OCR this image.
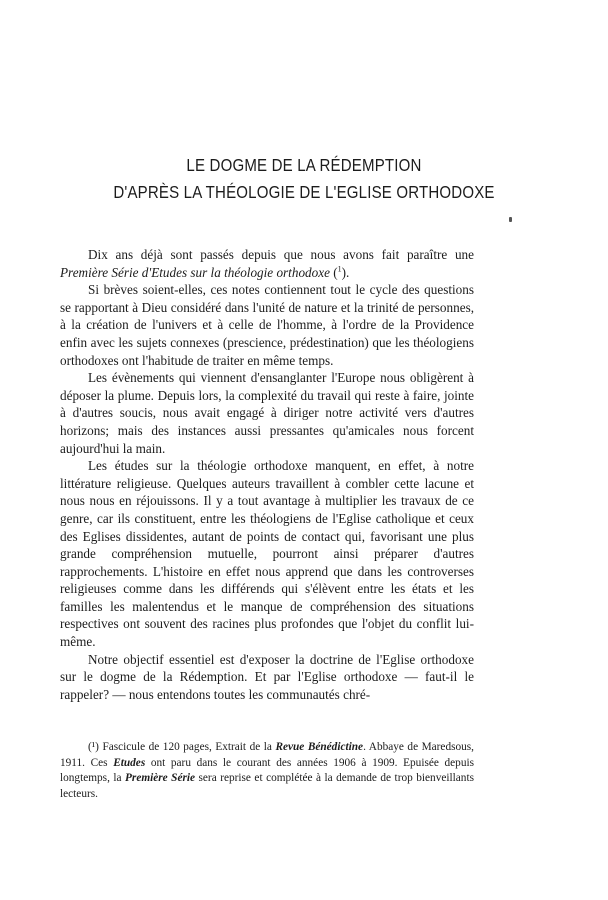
LE DOGME DE LA RÉDEMPTION
D'APRÈS LA THÉOLOGIE DE L'EGLISE ORTHODOXE

Dix ans déjà sont passés depuis que nous avons fait paraître une Première Série d'Etudes sur la théologie orthodoxe ($^1$).

Si brèves soient-elles, ces notes contiennent tout le cycle des questions se rapportant à Dieu considéré dans l'unité de nature et la trinité de personnes, à la création de l'univers et à celle de l'homme, à l'ordre de la Providence enfin avec les sujets connexes (prescience, prédestination) que les théologiens orthodoxes ont l'habitude de traiter en même temps.

Les évènements qui viennent d'ensanglanter l'Europe nous obligèrent à déposer la plume. Depuis lors, la complexité du travail qui reste à faire, jointe à d'autres soucis, nous avait engagé à diriger notre activité vers d'autres horizons; mais des instances aussi pressantes qu'amicales nous forcent aujourd'hui la main.

Les études sur la théologie orthodoxe manquent, en effet, à notre littérature religieuse. Quelques auteurs travaillent à combler cette lacune et nous nous en réjouissons. Il y a tout avantage à multiplier les travaux de ce genre, car ils constituent, entre les théologiens de l'Eglise catholique et ceux des Eglises dissidentes, autant de points de contact qui, favorisant une plus grande compréhension mutuelle, pourront ainsi préparer d'autres rapprochements. L'histoire en effet nous apprend que dans les controverses religieuses comme dans les différends qui s'élèvent entre les états et les familles les malentendus et le manque de compréhension des situations respectives ont souvent des racines plus profondes que l'objet du conflit lui-même.

Notre objectif essentiel est d'exposer la doctrine de l'Eglise orthodoxe sur le dogme de la Rédemption. Et par l'Eglise orthodoxe — faut-il le rappeler? — nous entendons toutes les communautés chré-

(¹) Fascicule de 120 pages, Extrait de la Revue Bénédictine. Abbaye de Maredsous, 1911. Ces Etudes ont paru dans le courant des années 1906 à 1909. Epuisée depuis longtemps, la Première Série sera reprise et complétée à la demande de trop bienveillants lecteurs.
